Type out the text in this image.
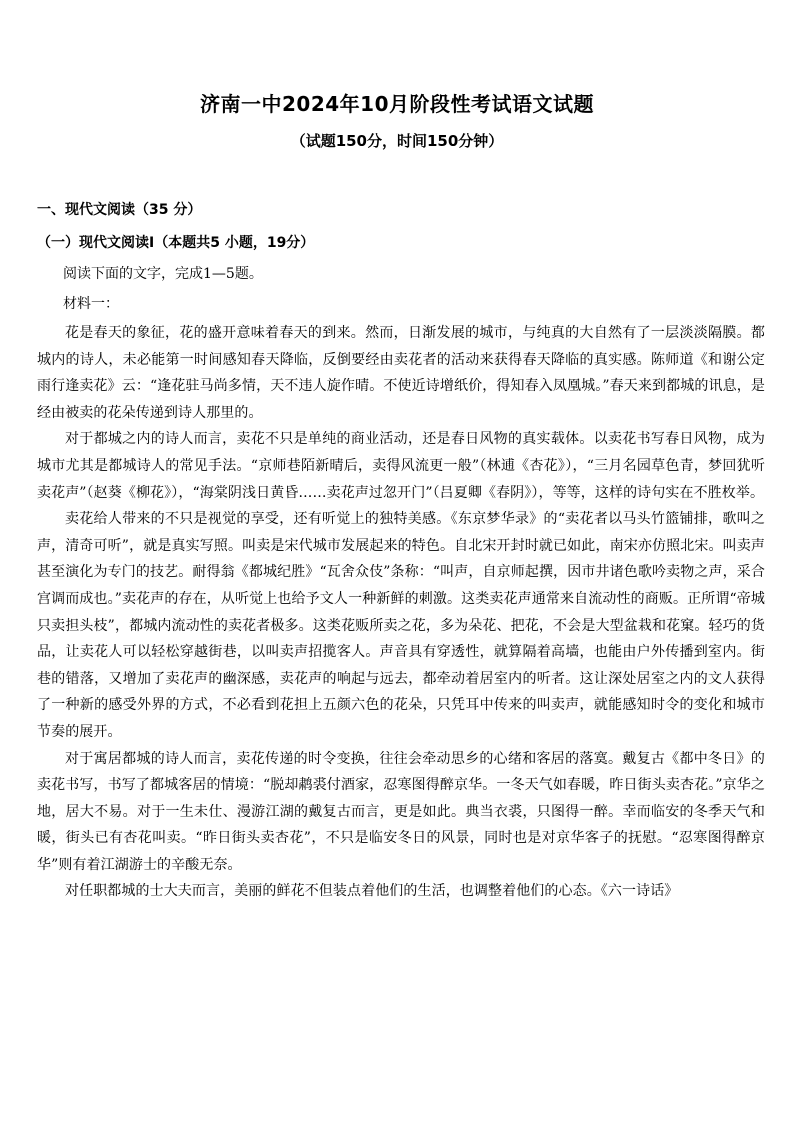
济南一中2024年10月阶段性考试语文试题
（试题150分，时间150分钟）
一、现代文阅读（35 分）
（一）现代文阅读Ⅰ（本题共5 小题，19分）
阅读下面的文字，完成1—5题。
材料一：

花是春天的象征，花的盛开意味着春天的到来。然而，日渐发展的城市，与纯真的大自然有了一层淡淡隔膜。都城内的诗人，未必能第一时间感知春天降临，反倒要经由卖花者的活动来获得春天降临的真实感。陈师道《和谢公定雨行逢卖花》云：“逢花驻马尚多情，天不违人旋作晴。不使近诗增纸价，得知春入凤凰城。”春天来到都城的讯息，是经由被卖的花朵传递到诗人那里的。

对于都城之内的诗人而言，卖花不只是单纯的商业活动，还是春日风物的真实载体。以卖花书写春日风物，成为城市尤其是都城诗人的常见手法。“京师巷陌新晴后，卖得风流更一般”（林逋《杏花》），“三月名园草色青，梦回犹听卖花声”（赵葵《柳花》），“海棠阴浅日黄昏……卖花声过忽开门”（吕夏卿《春阴》），等等，这样的诗句实在不胜枚举。

卖花给人带来的不只是视觉的享受，还有听觉上的独特美感。《东京梦华录》的“卖花者以马头竹篮铺排，歌叫之声，清奇可听”，就是真实写照。叫卖是宋代城市发展起来的特色。自北宋开封时就已如此，南宋亦仿照北宋。叫卖声甚至演化为专门的技艺。耐得翁《都城纪胜》“瓦舍众伎”条称：“叫声，自京师起撰，因市井诸色歌吟卖物之声，采合宫调而成也。”卖花声的存在，从听觉上也给予文人一种新鲜的刺激。这类卖花声通常来自流动性的商贩。正所谓“帝城只卖担头枝”，都城内流动性的卖花者极多。这类花贩所卖之花，多为朵花、把花，不会是大型盆栽和花窠。轻巧的货品，让卖花人可以轻松穿越街巷，以叫卖声招揽客人。声音具有穿透性，就算隔着高墙，也能由户外传播到室内。街巷的错落，又增加了卖花声的幽深感，卖花声的响起与远去，都牵动着居室内的听者。这让深处居室之内的文人获得了一种新的感受外界的方式，不必看到花担上五颜六色的花朵，只凭耳中传来的叫卖声，就能感知时令的变化和城市节奏的展开。

对于寓居都城的诗人而言，卖花传递的时令变换，往往会牵动思乡的心绪和客居的落寞。戴复古《都中冬日》的卖花书写，书写了都城客居的情境：“脱却鹔裘付酒家，忍寒图得醉京华。一冬天气如春暖，昨日街头卖杏花。”京华之地，居大不易。对于一生未仕、漫游江湖的戴复古而言，更是如此。典当衣裘，只图得一醉。幸而临安的冬季天气和暖，街头已有杏花叫卖。“昨日街头卖杏花”，不只是临安冬日的风景，同时也是对京华客子的抚慰。“忍寒图得醉京华”则有着江湖游士的辛酸无奈。

对任职都城的士大夫而言，美丽的鲜花不但装点着他们的生活，也调整着他们的心态。《六一诗话》
